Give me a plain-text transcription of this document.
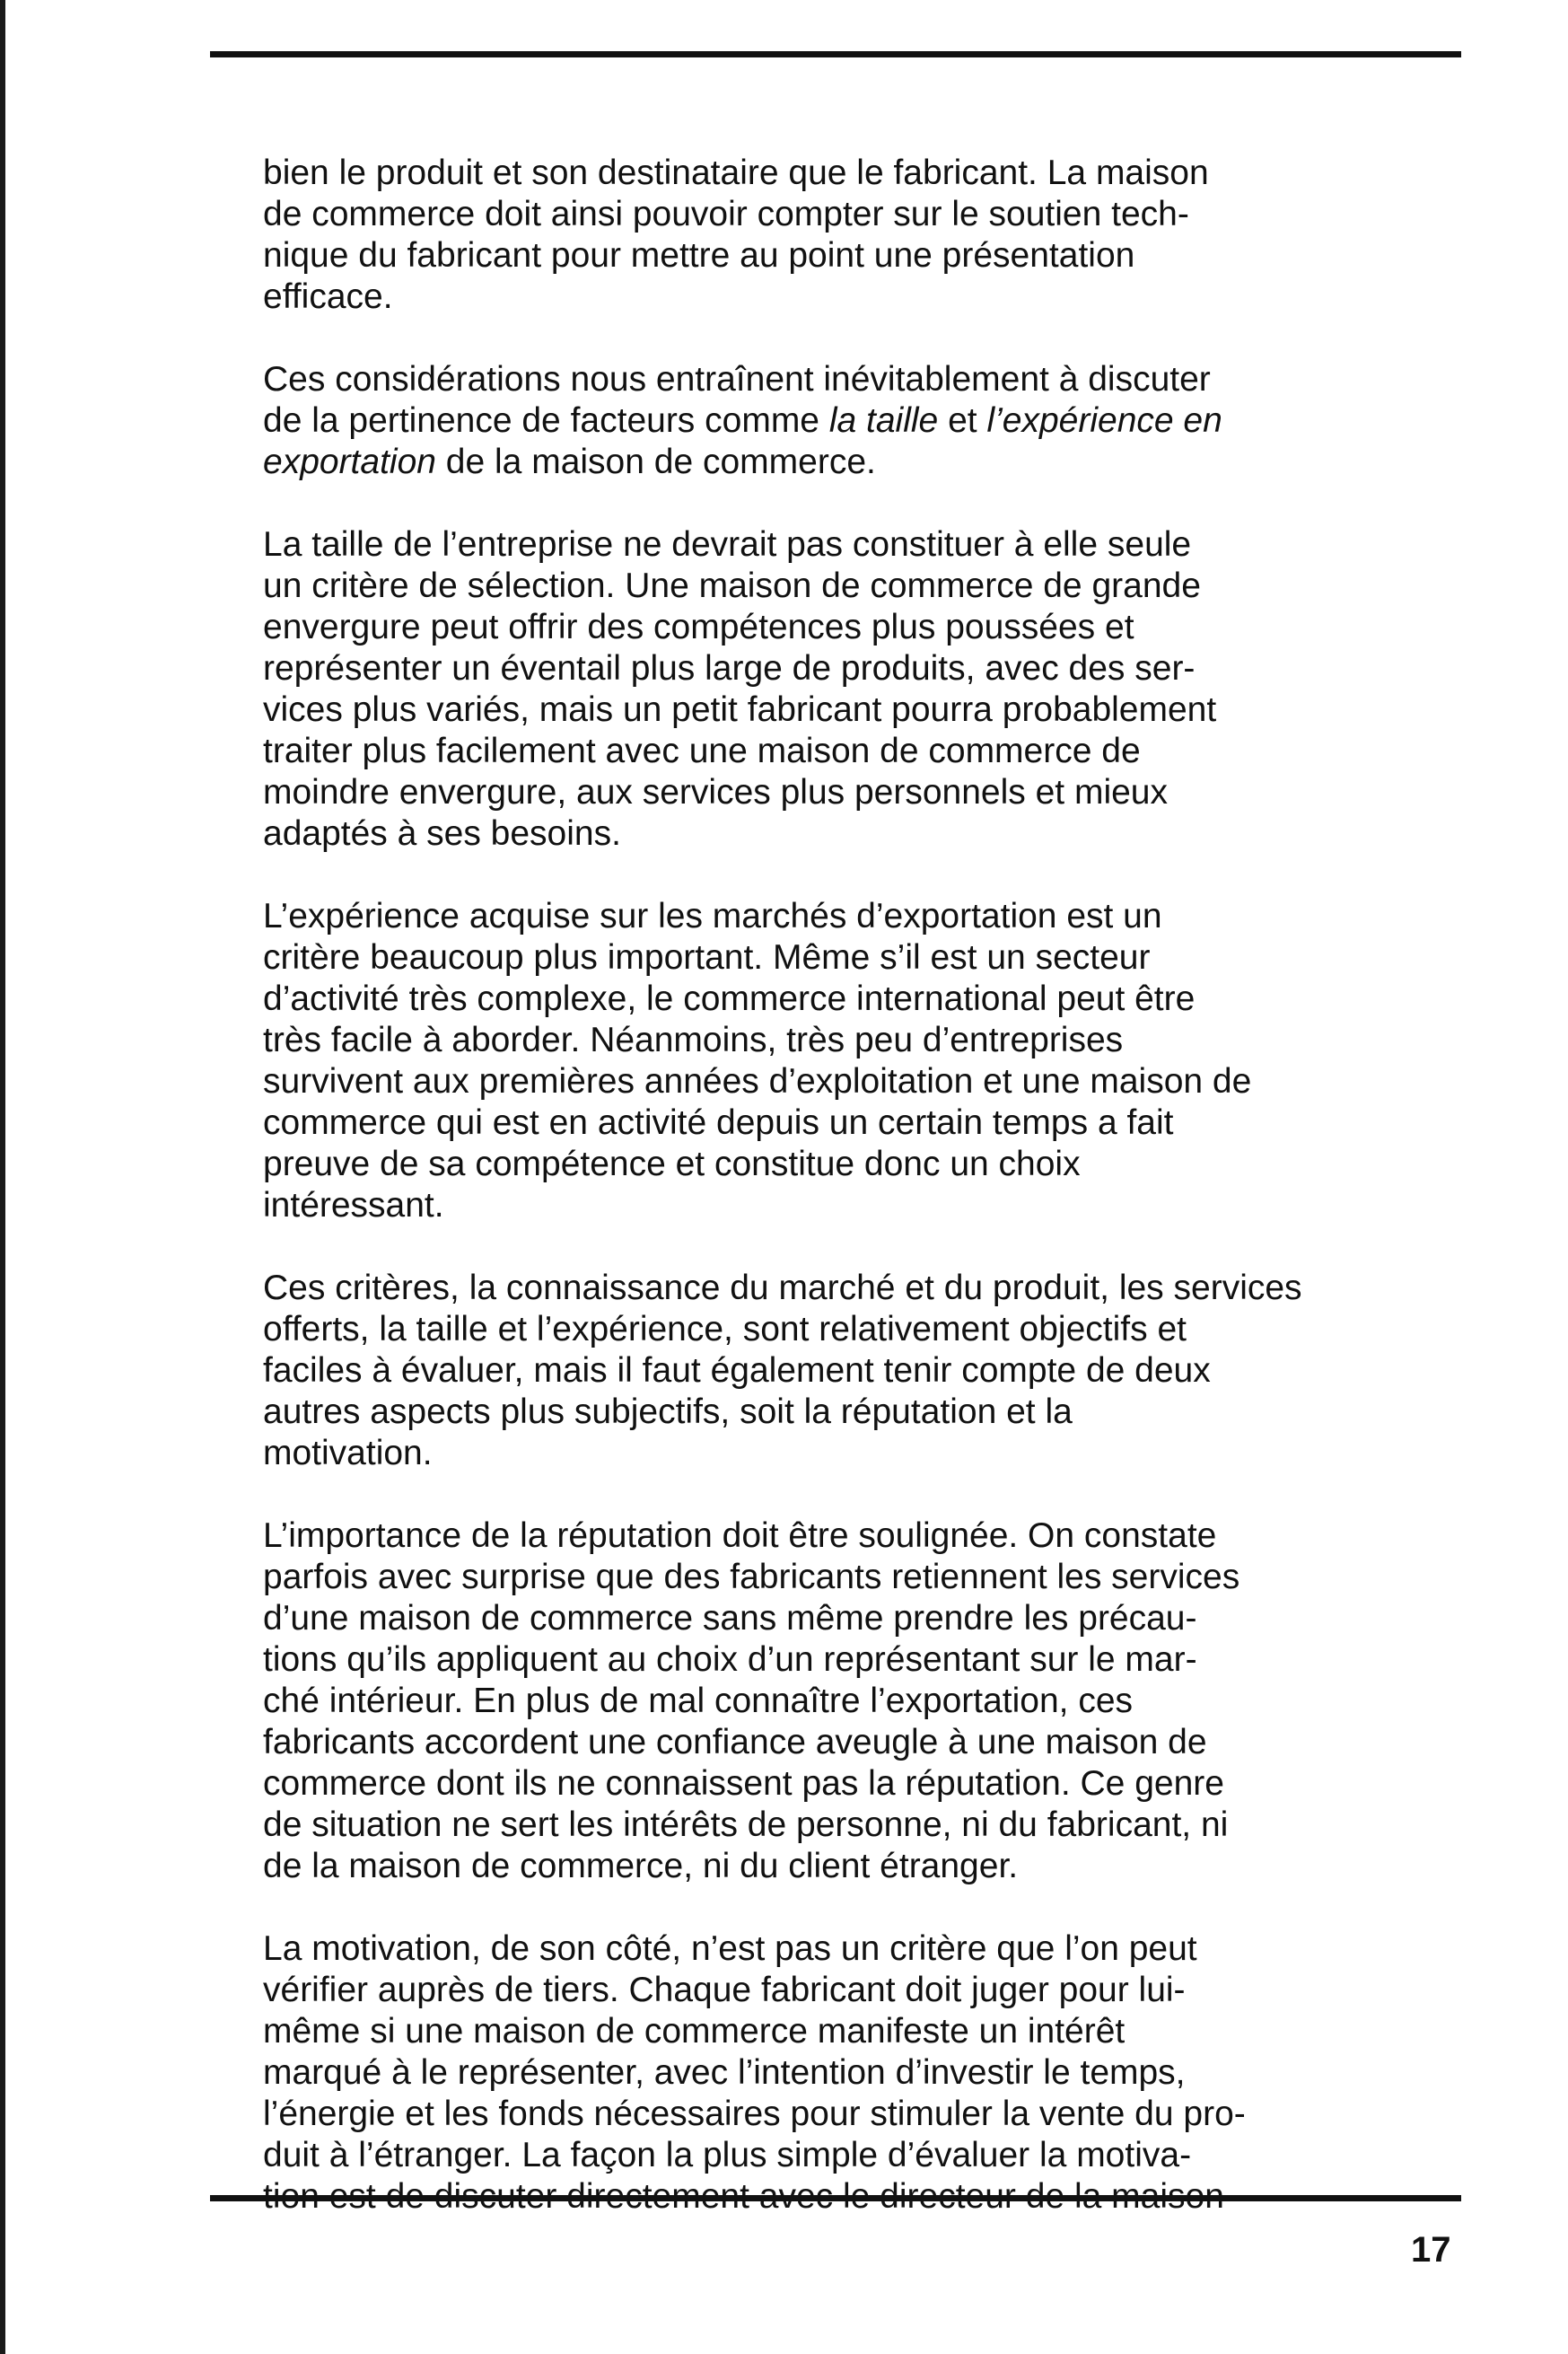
bien le produit et son destinataire que le fabricant. La maison
de commerce doit ainsi pouvoir compter sur le soutien tech-
nique du fabricant pour mettre au point une présentation
efficace.

Ces considérations nous entraînent inévitablement à discuter
de la pertinence de facteurs comme la taille et l’expérience en
exportation de la maison de commerce.

La taille de l’entreprise ne devrait pas constituer à elle seule
un critère de sélection. Une maison de commerce de grande
envergure peut offrir des compétences plus poussées et
représenter un éventail plus large de produits, avec des ser-
vices plus variés, mais un petit fabricant pourra probablement
traiter plus facilement avec une maison de commerce de
moindre envergure, aux services plus personnels et mieux
adaptés à ses besoins.

L’expérience acquise sur les marchés d’exportation est un
critère beaucoup plus important. Même s’il est un secteur
d’activité très complexe, le commerce international peut être
très facile à aborder. Néanmoins, très peu d’entreprises
survivent aux premières années d’exploitation et une maison de
commerce qui est en activité depuis un certain temps a fait
preuve de sa compétence et constitue donc un choix
intéressant.

Ces critères, la connaissance du marché et du produit, les services
offerts, la taille et l’expérience, sont relativement objectifs et
faciles à évaluer, mais il faut également tenir compte de deux
autres aspects plus subjectifs, soit la réputation et la
motivation.

L’importance de la réputation doit être soulignée. On constate
parfois avec surprise que des fabricants retiennent les services
d’une maison de commerce sans même prendre les précau-
tions qu’ils appliquent au choix d’un représentant sur le mar-
ché intérieur. En plus de mal connaître l’exportation, ces
fabricants accordent une confiance aveugle à une maison de
commerce dont ils ne connaissent pas la réputation. Ce genre
de situation ne sert les intérêts de personne, ni du fabricant, ni
de la maison de commerce, ni du client étranger.

La motivation, de son côté, n’est pas un critère que l’on peut
vérifier auprès de tiers. Chaque fabricant doit juger pour lui-
même si une maison de commerce manifeste un intérêt
marqué à le représenter, avec l’intention d’investir le temps,
l’énergie et les fonds nécessaires pour stimuler la vente du pro-
duit à l’étranger. La façon la plus simple d’évaluer la motiva-

17
